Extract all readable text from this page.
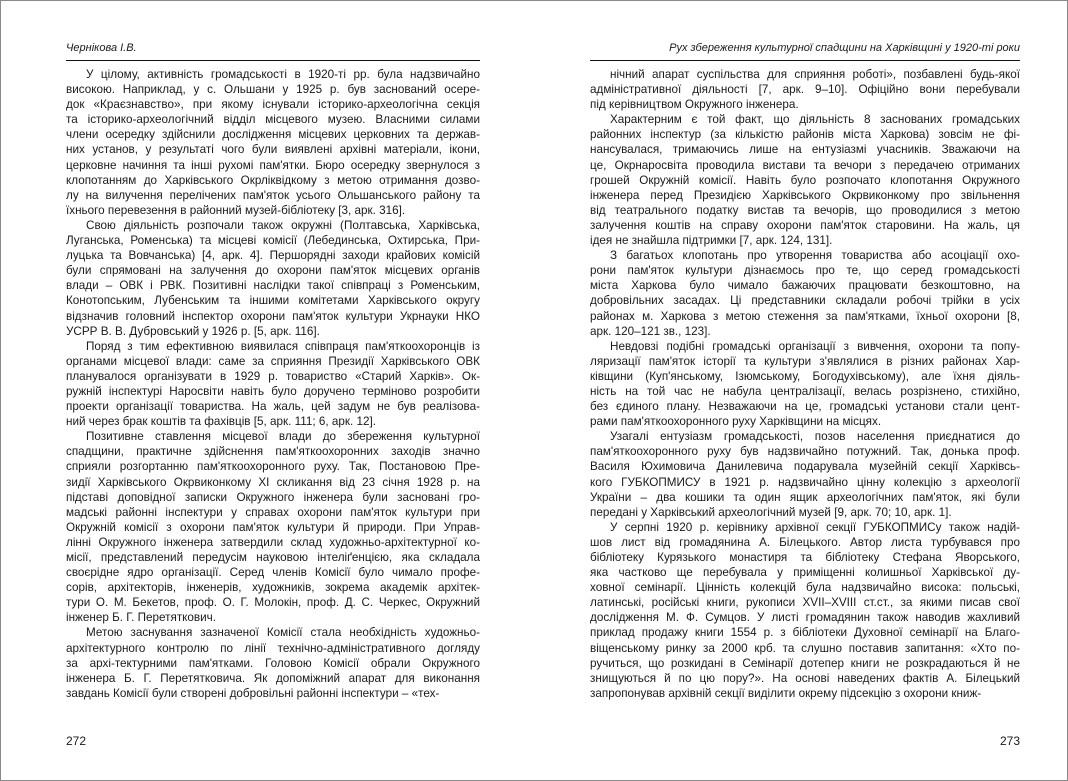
Чернікова І.В.
У цілому, активність громадськості в 1920-ті рр. була надзвичайно
високою. Наприклад, у с. Ольшани у 1925 р. був заснований осере-
док «Краєзнавство», при якому існували історико-археологічна секція
та історико-археологічний відділ місцевого музею. Власними силами
члени осередку здійснили дослідження місцевих церковних та держав-
них установ, у результаті чого були виявлені архівні матеріали, ікони,
церковне начиння та інші рухомі пам'ятки. Бюро осередку звернулося з
клопотанням до Харківського Окрліквідкому з метою отримання дозво-
лу на вилучення перелічених пам'яток усього Ольшанського району та
їхнього перевезення в районний музей-бібліотеку [3, арк. 316].
Свою діяльність розпочали також окружні (Полтавська, Харківська,
Луганська, Роменська) та місцеві комісії (Лебединська, Охтирська, При-
луцька та Вовчанська) [4, арк. 4]. Першорядні заходи крайових комісій
були спрямовані на залучення до охорони пам'яток місцевих органів
влади – ОВК і РВК. Позитивні наслідки такої співпраці з Роменським,
Конотопським, Лубенським та іншими комітетами Харківського округу
відзначив головний інспектор охорони пам'яток культури Укрнауки НКО
УСРР В. В. Дубровський у 1926 р. [5, арк. 116].
Поряд з тим ефективною виявилася співпраця пам'яткоохоронців із
органами місцевої влади: саме за сприяння Президії Харківського ОВК
планувалося організувати в 1929 р. товариство «Старий Харків». Ок-
ружній інспектурі Наросвіти навіть було доручено терміново розробити
проекти організації товариства. На жаль, цей задум не був реалізова-
ний через брак коштів та фахівців [5, арк. 111; 6, арк. 12].
Позитивне ставлення місцевої влади до збереження культурної
спадщини, практичне здійснення пам'яткоохоронних заходів значно
сприяли розгортанню пам'яткоохоронного руху. Так, Постановою Пре-
зидії Харківського Окрвиконкому XI скликання від 23 січня 1928 р. на
підставі доповідної записки Окружного інженера були засновані гро-
мадські районні інспектури у справах охорони пам'яток культури при
Окружній комісії з охорони пам'яток культури й природи. При Управ-
лінні Окружного інженера затвердили склад художньо-архітектурної ко-
місії, представлений передусім науковою інтеліґенцією, яка складала
своєрідне ядро організації. Серед членів Комісії було чимало профе-
сорів, архітекторів, інженерів, художників, зокрема академік архітек-
тури О. М. Бекетов, проф. О. Г. Молокін, проф. Д. С. Черкес, Окружний
інженер Б. Г. Перетяткович.
Метою заснування зазначеної Комісії стала необхідність художньо-
архітектурного контролю по лінії технічно-адміністративного догляду
за архі-тектурними пам'ятками. Головою Комісії обрали Окружного
інженера Б. Г. Перетятковича. Як допоміжний апарат для виконання
завдань Комісії були створені добровільні районні інспектури – «тех-
272
Рух збереження культурної спадщини на Харківщині у 1920-ті роки
нічний апарат суспільства для сприяння роботі», позбавлені будь-якої
адміністративної діяльності [7, арк. 9–10]. Офіційно вони перебували
під керівництвом Окружного інженера.
Характерним є той факт, що діяльність 8 заснованих громадських
районних інспектур (за кількістю районів міста Харкова) зовсім не фі-
нансувалася, тримаючись лише на ентузіазмі учасників. Зважаючи на
це, Окрнаросвіта проводила вистави та вечори з передачею отриманих
грошей Окружній комісії. Навіть було розпочато клопотання Окружного
інженера перед Президією Харківського Окрвиконкому про звільнення
від театрального податку вистав та вечорів, що проводилися з метою
залучення коштів на справу охорони пам'яток старовини. На жаль, ця
ідея не знайшла підтримки [7, арк. 124, 131].
З багатьох клопотань про утворення товариства або асоціації охо-
рони пам'яток культури дізнаємось про те, що серед громадськості
міста Харкова було чимало бажаючих працювати безкоштовно, на
добровільних засадах. Ці представники складали робочі трійки в усіх
районах м. Харкова з метою стеження за пам'ятками, їхньої охорони [8,
арк. 120–121 зв., 123].
Невдовзі подібні громадські організації з вивчення, охорони та попу-
ляризації пам'яток історії та культури з'являлися в різних районах Хар-
ківщини (Куп'янському, Ізюмському, Богодухівському), але їхня діяль-
ність на той час не набула централізації, велась розрізнено, стихійно,
без єдиного плану. Незважаючи на це, громадські установи стали цент-
рами пам'яткоохоронного руху Харківщини на місцях.
Узагалі ентузіазм громадськості, позов населення приєднатися до
пам'яткоохоронного руху був надзвичайно потужний. Так, донька проф.
Василя Юхимовича Данилевича подарувала музейній секції Харківсь-
кого ГУБКОПМИСУ в 1921 р. надзвичайно цінну колекцію з археології
України – два кошики та один ящик археологічних пам'яток, які були
передані у Харківський археологічний музей [9, арк. 70; 10, арк. 1].
У серпні 1920 р. керівнику архівної секції ГУБКОПМИСу також надій-
шов лист від громадянина А. Білецького. Автор листа турбувався про
бібліотеку Курязького монастиря та бібліотеку Стефана Яворського,
яка частково ще перебувала у приміщенні колишньої Харківської ду-
ховної семінарії. Цінність колекцій була надзвичайно висока: польські,
латинські, російські книги, рукописи XVII–XVIII ст.ст., за якими писав свої
дослідження М. Ф. Сумцов. У листі громадянин також наводив жахливий
приклад продажу книги 1554 р. з бібліотеки Духовної семінарії на Благо-
віщенському ринку за 2000 крб. та слушно поставив запитання: «Хто по-
ручиться, що розкидані в Семінарії дотепер книги не розкрадаються й не
знищуються й по цю пору?». На основі наведених фактів А. Білецький
запропонував архівній секції виділити окрему підсекцію з охорони книж-
273
